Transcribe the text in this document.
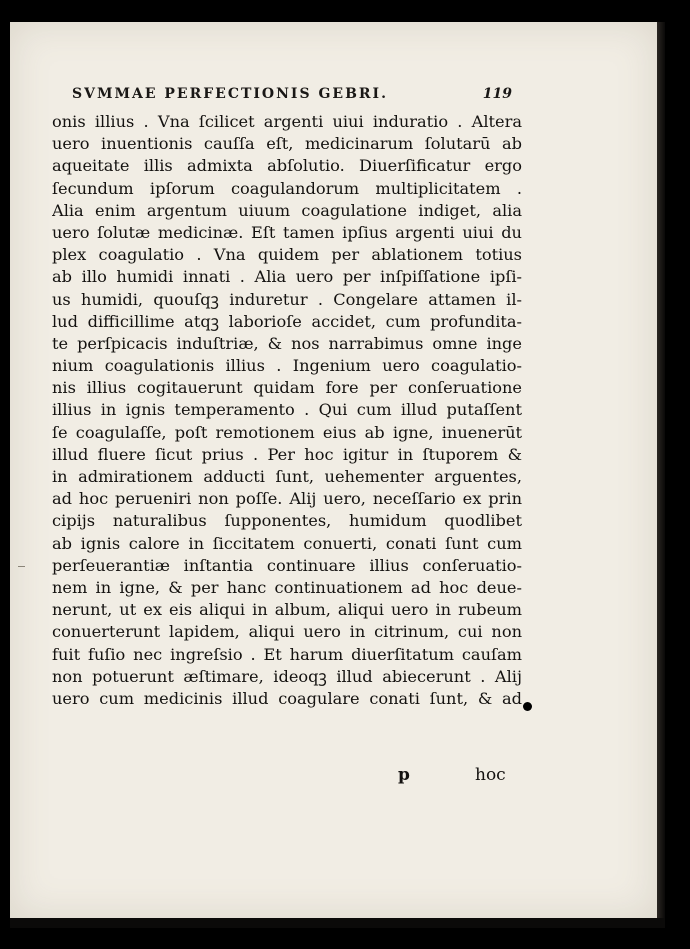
SVMMAE PERFECTIONIS GEBRI.	119
onis illius . Vna ſcilicet argenti uiui induratio . Altera
uero inuentionis cauſſa eſt, medicinarum ſolutarū ab
aqueitate illis admixta abſolutio. Diuerſificatur ergo
ſecundum ipſorum coagulandorum multiplicitatem .
Alia enim argentum uiuum coagulatione indiget, alia
uero ſolutæ medicinæ. Eſt tamen ipſius argenti uiui du
plex coagulatio . Vna quidem per ablationem totius
ab illo humidi innati . Alia uero per inſpiſſatione ipſi-
us humidi, quouſqꝫ induretur . Congelare attamen il-
lud difficillime atqꝫ laborioſe accidet, cum profundita-
te perſpicacis induſtriæ, & nos narrabimus omne inge
nium coagulationis illius . Ingenium uero coagulatio-
nis illius cogitauerunt quidam fore per conſeruatione
illius in ignis temperamento . Qui cum illud putaſſent
ſe coagulaſſe, poſt remotionem eius ab igne, inuenerūt
illud fluere ſicut prius . Per hoc igitur in ſtuporem &
in admirationem adducti ſunt, uehementer arguentes,
ad hoc perueniri non poſſe. Alij uero, neceſſario ex prin
cipijs naturalibus ſupponentes, humidum quodlibet
ab ignis calore in ſiccitatem conuerti, conati ſunt cum
perſeuerantiæ inſtantia continuare illius conſeruatio-
nem in igne, & per hanc continuationem ad hoc deue-
nerunt, ut ex eis aliqui in album, aliqui uero in rubeum
conuerterunt lapidem, aliqui uero in citrinum, cui non
fuit fuſio nec ingreſsio . Et harum diuerſitatum cauſam
non potuerunt æſtimare, ideoqꝫ illud abiecerunt . Alij
uero cum medicinis illud coagulare conati ſunt, & ad
p	hoc
